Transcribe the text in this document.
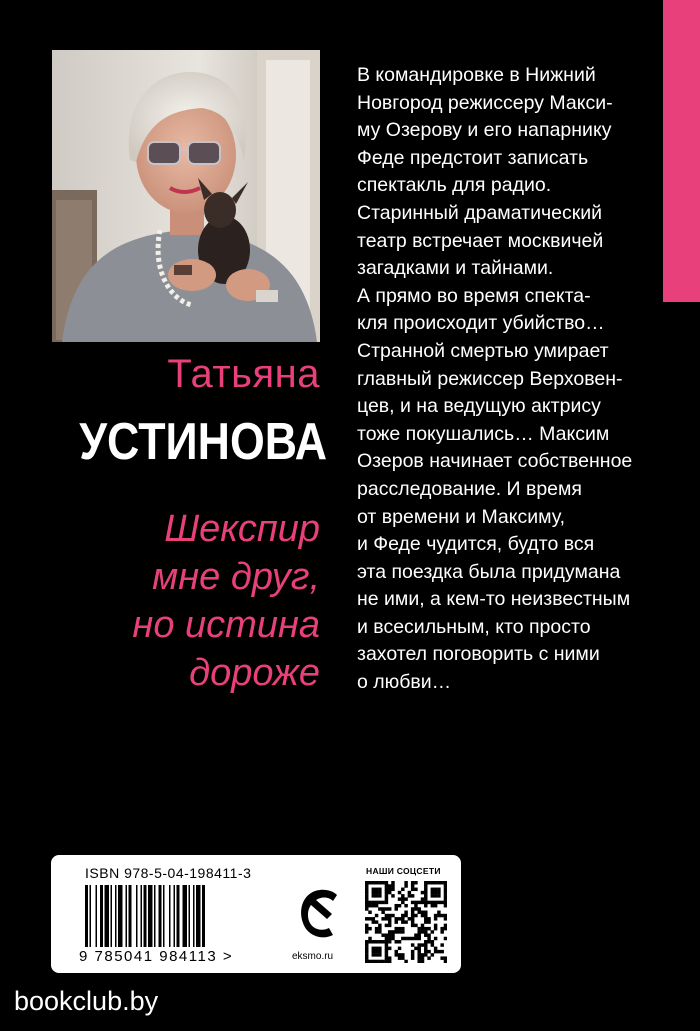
Татьяна
УСТИНОВА
Шекспир
мне друг,
но истина
дороже
В командировке в Нижний
Новгород режиссеру Макси-
му Озерову и его напарнику
Феде предстоит записать
спектакль для радио.
Старинный драматический
театр встречает москвичей
загадками и тайнами.
А прямо во время спекта-
кля происходит убийство…
Странной смертью умирает
главный режиссер Верховен-
цев, и на ведущую актрису
тоже покушались… Максим
Озеров начинает собственное
расследование. И время
от времени и Максиму,
и Феде чудится, будто вся
эта поездка была придумана
не ими, а кем-то неизвестным
и всесильным, кто просто
захотел поговорить с ними
о любви…
ISBN 978-5-04-198411-3
9 785041 984113 >	eksmo.ru
НАШИ СОЦСЕТИ
bookclub.by
